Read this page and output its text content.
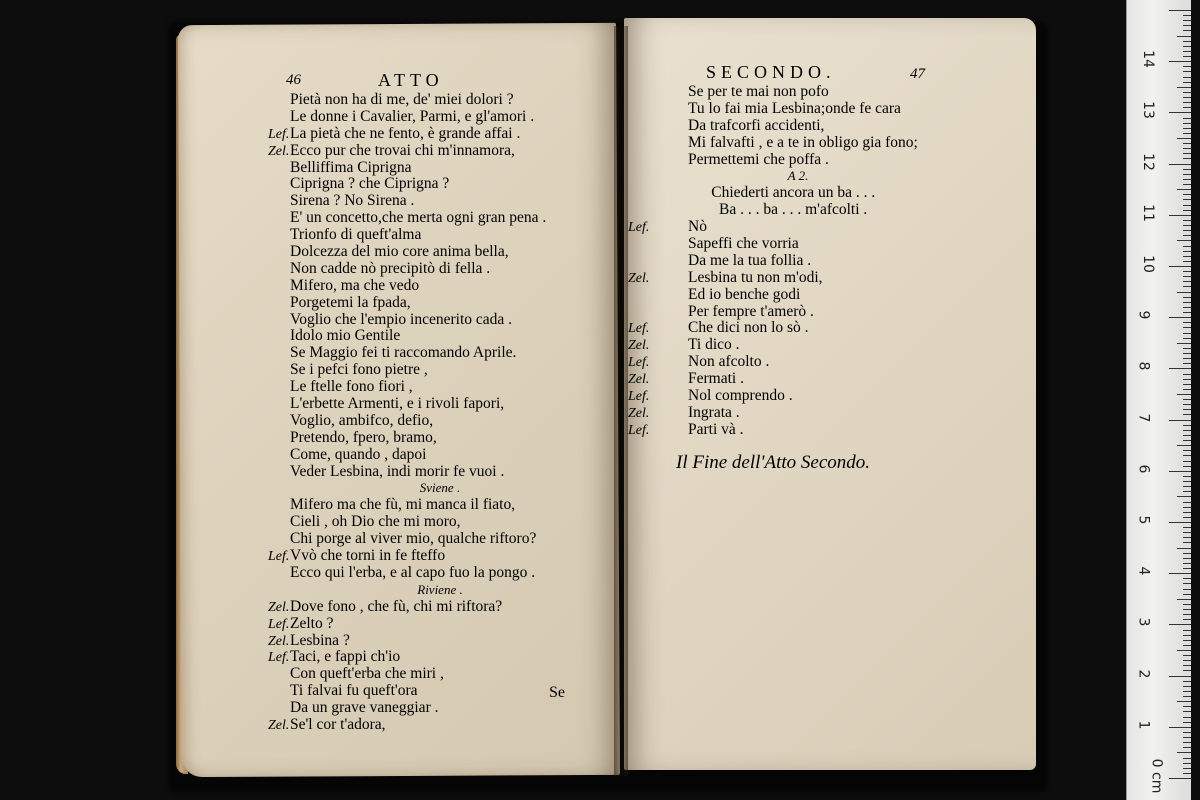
46	ATTO	SECONDO.	47
Pietà non ha di me, de' miei dolori ?
Le donne i Cavalier, Parmi, e gl'amori .
Lef.La pietà che ne fento, è grande affai .
Zel.Ecco pur che trovai chi m'innamora,
Belliffima Ciprigna
Ciprigna ? che Ciprigna ?
Sirena ? No Sirena .
E' un concetto,che merta ogni gran pena .
Trionfo di queft'alma
Dolcezza del mio core anima bella,
Non cadde nò precipitò di fella .
Mifero, ma che vedo
Porgetemi la fpada,
Voglio che l'empio incenerito cada .
Idolo mio Gentile
Se Maggio fei ti raccomando Aprile.
Se i pefci fono pietre ,
Le ftelle fono fiori ,
L'erbette Armenti, e i rivoli fapori,
Voglio, ambifco, defio,
Pretendo, fpero, bramo,
Come, quando , dapoi
Veder Lesbina, indi morir fe vuoi .
Sviene .
Mifero ma che fù, mi manca il fiato,
Cieli , oh Dio che mi moro,
Chi porge al viver mio, qualche riftoro?
Lef.Vvò che torni in fe fteffo
Ecco qui l'erba, e al capo fuo la pongo .
Riviene .
Zel.Dove fono , che fù, chi mi riftora?
Lef.Zelto ?
Zel.Lesbina ?
Lef.Taci, e fappi ch'io
Con queft'erba che miri ,
Ti falvai fu queft'ora
Da un grave vaneggiar .
Zel.Se'l cor t'adora,
Se per te mai non pofo
Tu lo fai mia Lesbina;onde fe cara
Da trafcorfi accidenti,
Mi falvafti , e a te in obligo gia fono;
Permettemi che poffa .
A 2.
Chiederti ancora un ba . . .
Ba . . . ba . . . m'afcolti .
Lef. Nò
Sapeffi che vorria
Da me la tua follia .
Zel. Lesbina tu non m'odi,
Ed io benche godi
Per fempre t'amerò .
Lef. Che dici non lo sò .
Zel. Ti dico .
Lef. Non afcolto .
Zel. Fermati .
Lef. Nol comprendo .
Zel. Ingrata .
Lef. Parti và .
Se
Il Fine dell'Atto Secondo.
0 cm
1
2
3
4
5
6
7
8
9
10
11
12
13
14
